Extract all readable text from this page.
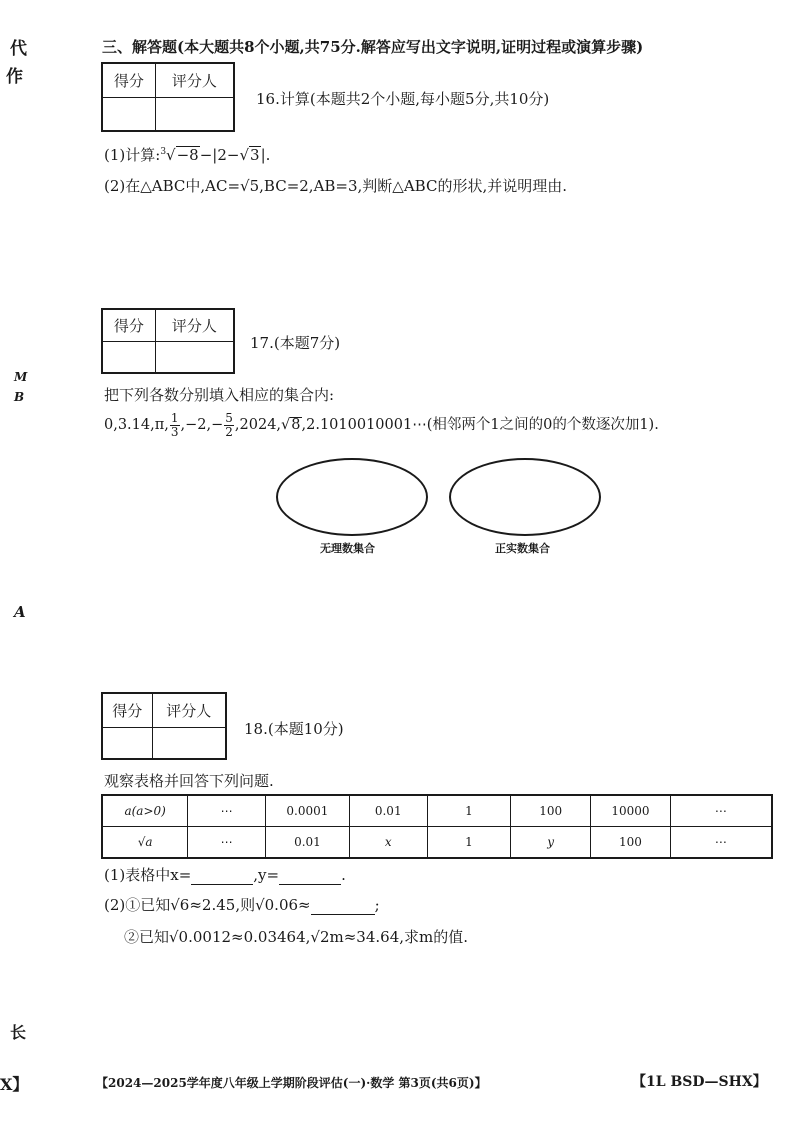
代
作
M
B
A
长
X】
三、解答题(本大题共8个小题,共75分.解答应写出文字说明,证明过程或演算步骤)
得分	评分人

16.计算(本题共2个小题,每小题5分,共10分)
(1)计算:$^3$√−8−|2−√3|.
(2)在△ABC中,AC=√5,BC=2,AB=3,判断△ABC的形状,并说明理由.
得分	评分人

17.(本题7分)
把下列各数分别填入相应的集合内:
0,3.14,π, $\frac{1}{3} ,-2,- \frac{5}{2}$ ,2024,√8,2.1010010001⋯(相邻两个1之间的0的个数逐次加1).
无理数集合	正实数集合
得分	评分人

18.(本题10分)
观察表格并回答下列问题.
a(a>0)	⋯	0.0001	0.01	1	100	10000	⋯
√a	⋯	0.01	x	1	y	100	⋯
(1)表格中x=	,y=	.
(2)①已知√6≈2.45,则√0.06≈	;
②已知√0.0012≈0.03464,√2m≈34.64,求m的值.
【2024—2025学年度八年级上学期阶段评估(一)·数学 第3页(共6页)】	【1L BSD—SHX】
